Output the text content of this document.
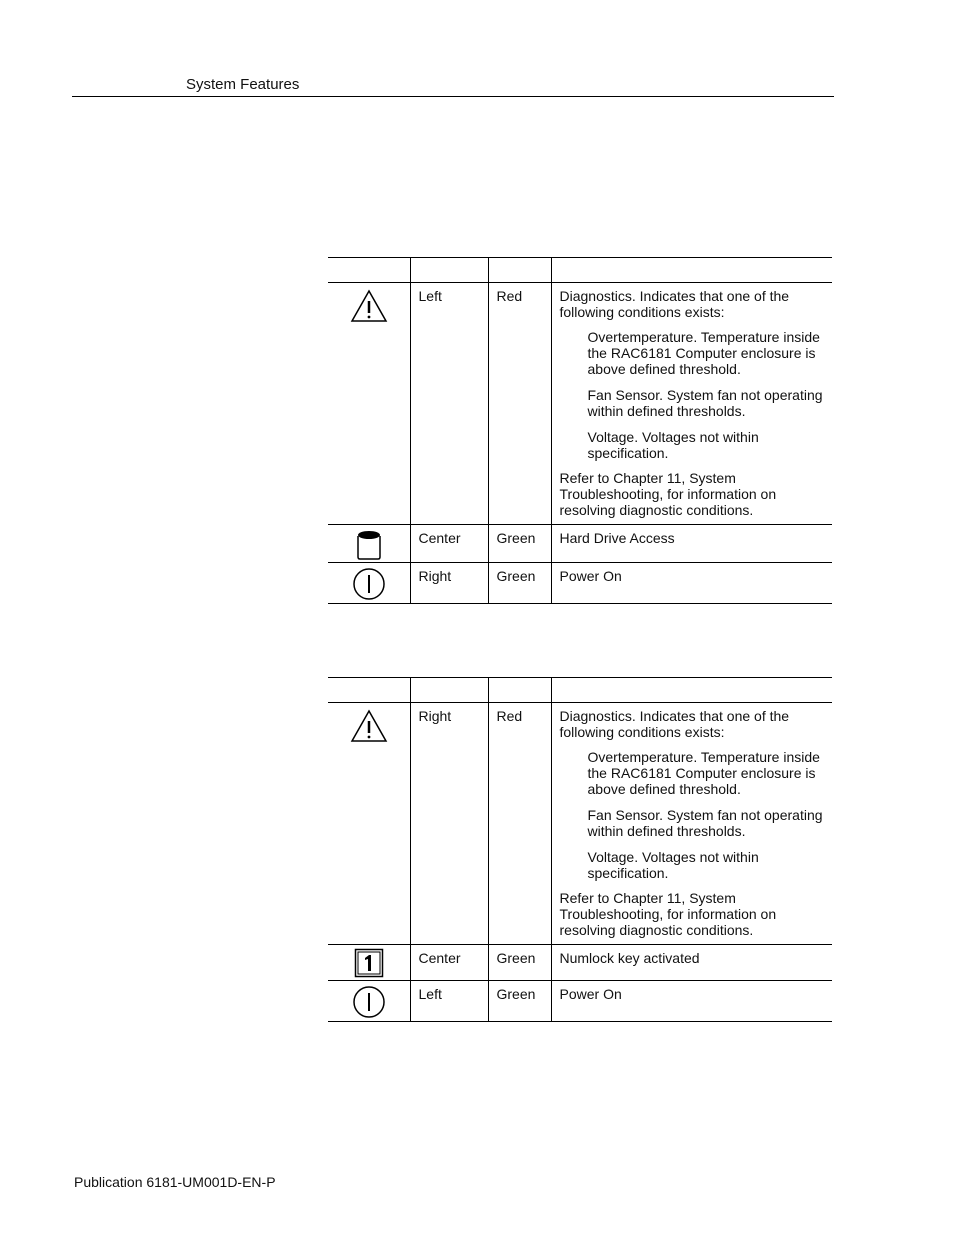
System Features

	Left	Red	Diagnostics. Indicates that one of the following conditions exists:
Overtemperature. Temperature inside the RAC6181 Computer enclosure is above defined threshold.
Fan Sensor. System fan not operating within defined thresholds.
Voltage. Voltages not within specification.
Refer to Chapter 11, System Troubleshooting, for information on resolving diagnostic conditions.

	Center	Green	Hard Drive Access

	Right	Green	Power On

	Right	Red	Diagnostics. Indicates that one of the following conditions exists:
Overtemperature. Temperature inside the RAC6181 Computer enclosure is above defined threshold.
Fan Sensor. System fan not operating within defined thresholds.
Voltage. Voltages not within specification.
Refer to Chapter 11, System Troubleshooting, for information on resolving diagnostic conditions.

	Center	Green	Numlock key activated

	Left	Green	Power On
Publication 6181-UM001D-EN-P
